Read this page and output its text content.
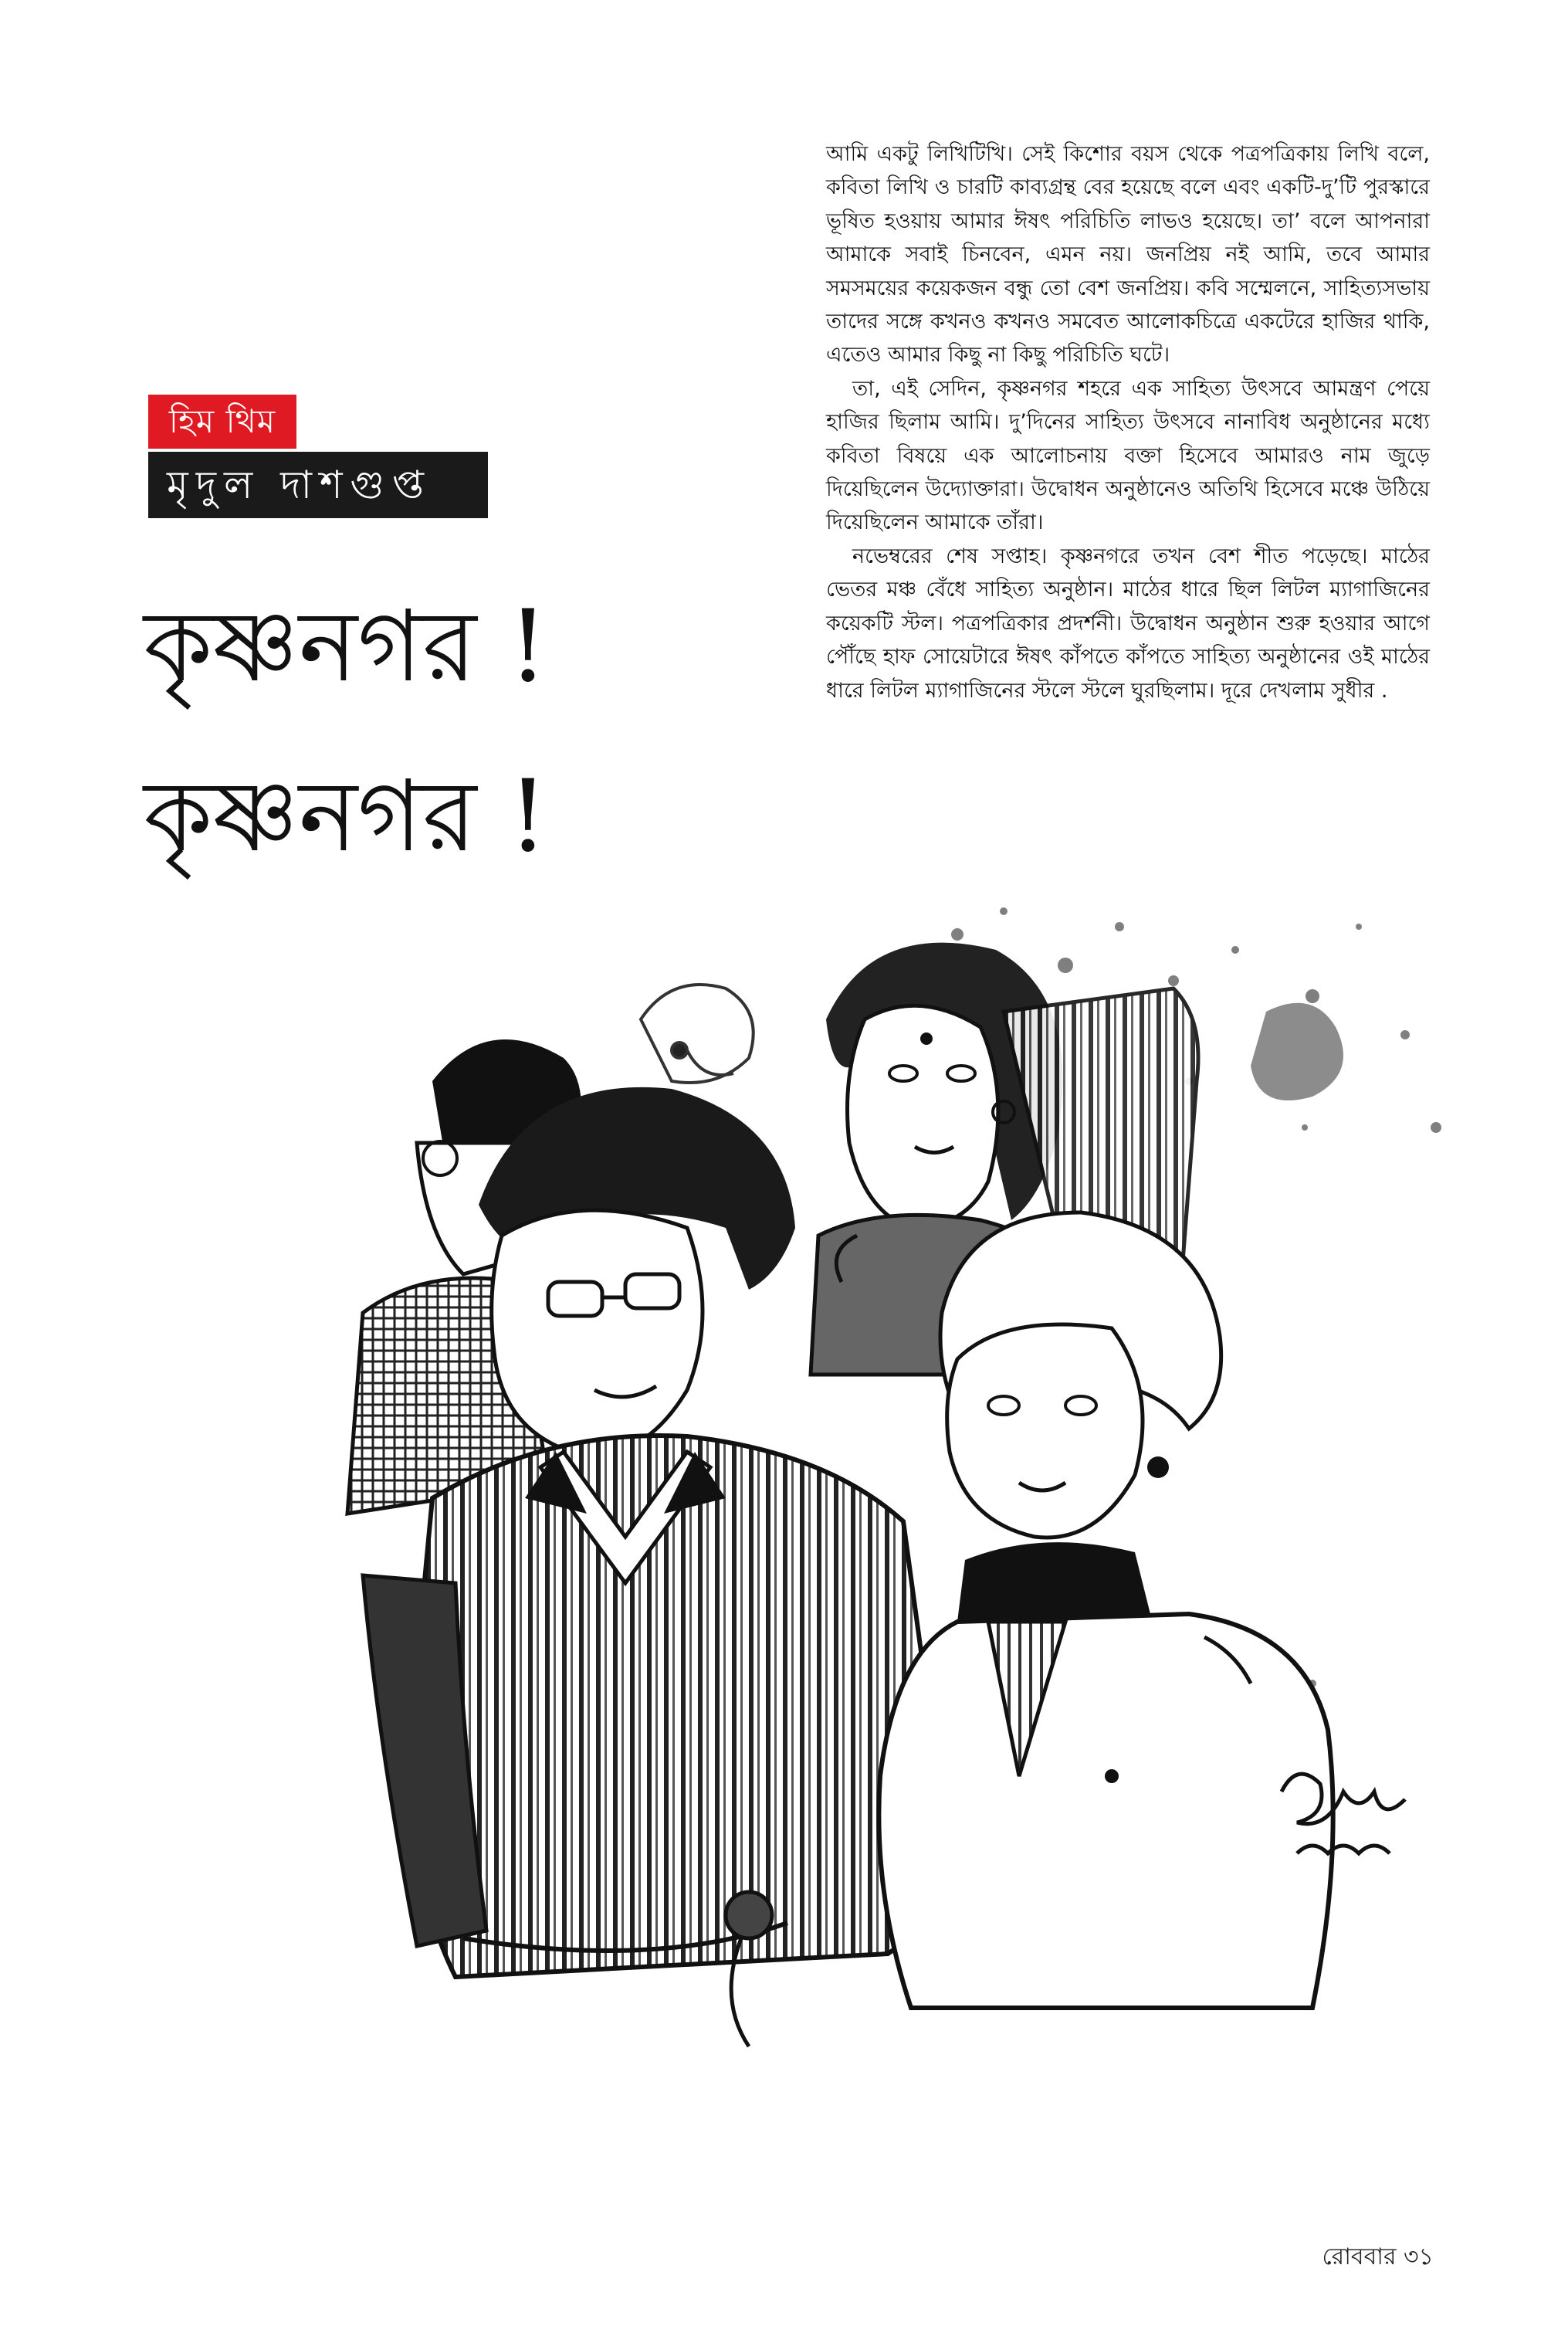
হিম থিম
মৃদুল দাশগুপ্ত
কৃষ্ণনগর !
কৃষ্ণনগর !

আমি একটু লিখিটিখি। সেই কিশোর বয়স থেকে পত্রপত্রিকায় লিখি বলে, কবিতা লিখি ও চারটি কাব্যগ্রন্থ বের হয়েছে বলে এবং একটি-দু’টি পুরস্কারে ভূষিত হওয়ায় আমার ঈষৎ পরিচিতি লাভও হয়েছে। তা’ বলে আপনারা আমাকে সবাই চিনবেন, এমন নয়। জনপ্রিয় নই আমি, তবে আমার সমসময়ের কয়েকজন বন্ধু তো বেশ জনপ্রিয়। কবি সম্মেলনে, সাহিত্যসভায় তাদের সঙ্গে কখনও কখনও সমবেত আলোকচিত্রে একটেরে হাজির থাকি, এতেও আমার কিছু না কিছু পরিচিতি ঘটে।

তা, এই সেদিন, কৃষ্ণনগর শহরে এক সাহিত্য উৎসবে আমন্ত্রণ পেয়ে হাজির ছিলাম আমি। দু’দিনের সাহিত্য উৎসবে নানাবিধ অনুষ্ঠানের মধ্যে কবিতা বিষয়ে এক আলোচনায় বক্তা হিসেবে আমারও নাম জুড়ে দিয়েছিলেন উদ্যোক্তারা। উদ্বোধন অনুষ্ঠানেও অতিথি হিসেবে মঞ্চে উঠিয়ে দিয়েছিলেন আমাকে তাঁরা।

নভেম্বরের শেষ সপ্তাহ। কৃষ্ণনগরে তখন বেশ শীত পড়েছে। মাঠের ভেতর মঞ্চ বেঁধে সাহিত্য অনুষ্ঠান। মাঠের ধারে ছিল লিটল ম্যাগাজিনের কয়েকটি স্টল। পত্রপত্রিকার প্রদর্শনী। উদ্বোধন অনুষ্ঠান শুরু হওয়ার আগে পৌঁছে হাফ সোয়েটারে ঈষৎ কাঁপতে কাঁপতে সাহিত্য অনুষ্ঠানের ওই মাঠের ধারে লিটল ম্যাগাজিনের স্টলে স্টলে ঘুরছিলাম। দূরে দেখলাম সুধীর .

রোববার ৩১
